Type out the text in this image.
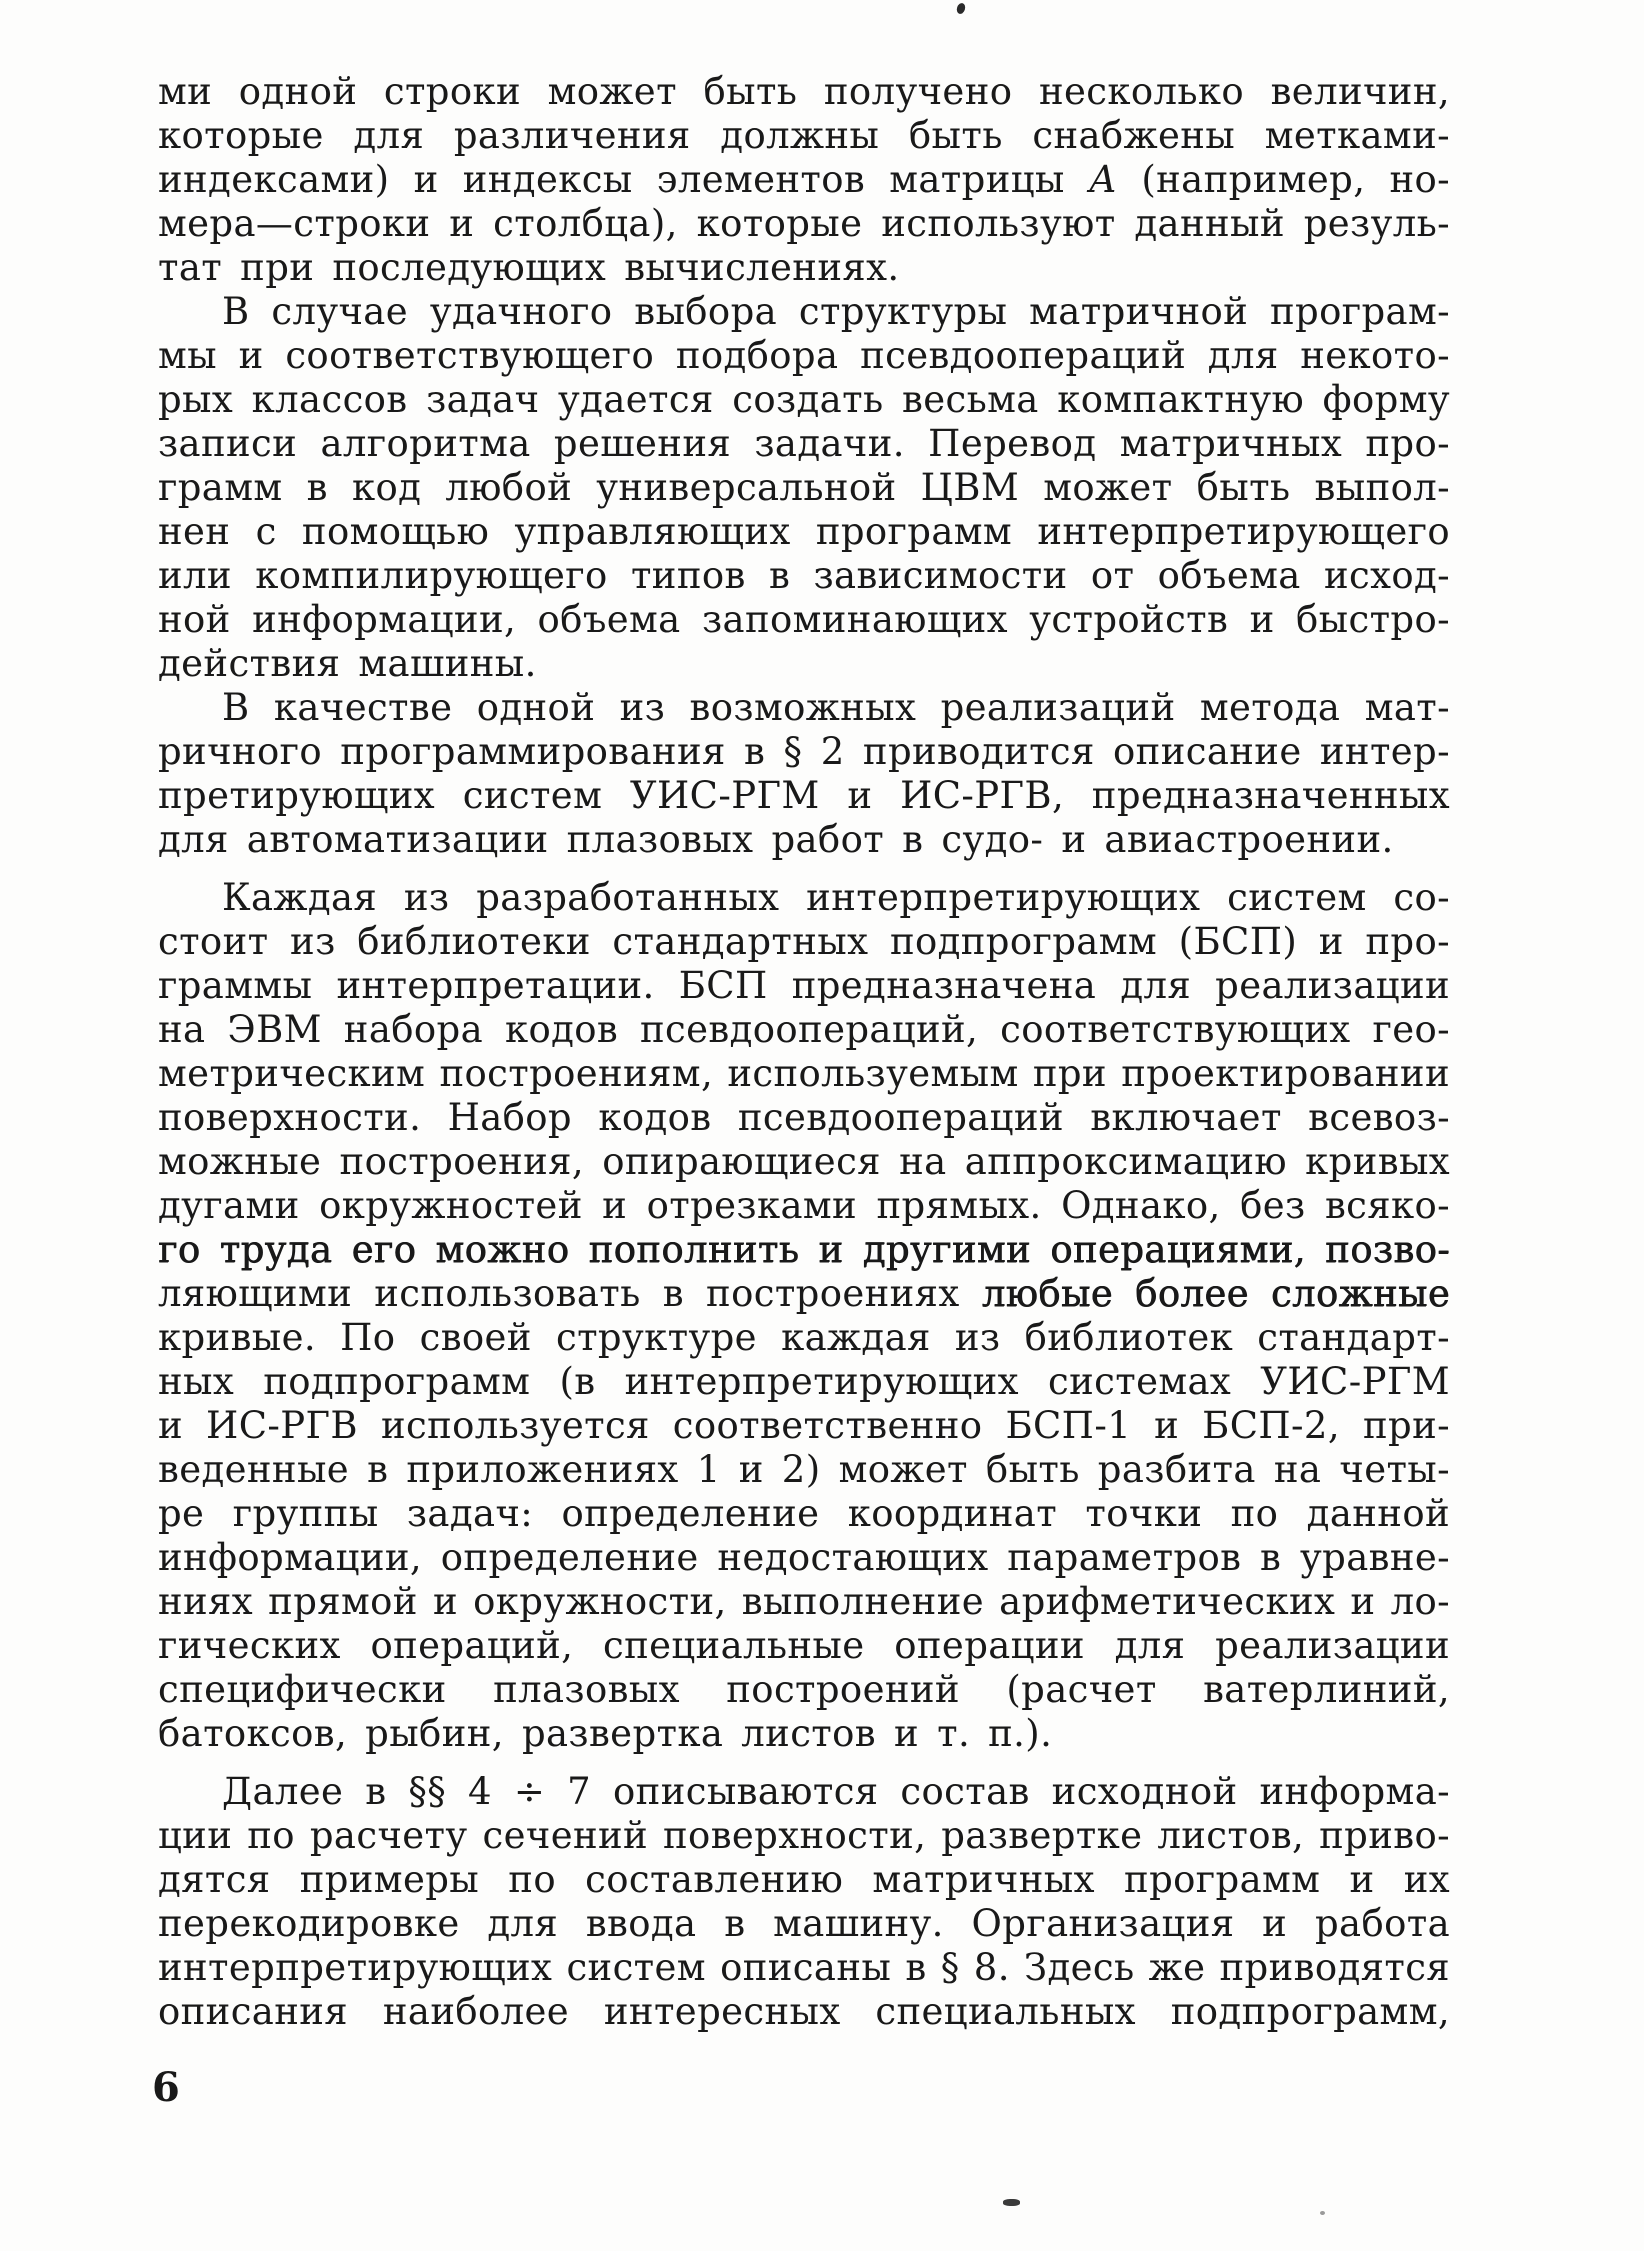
ми одной строки может быть получено несколько величин,
которые для различения должны быть снабжены метками-
индексами) и индексы элементов матрицы А (например, но-
мера—строки и столбца), которые используют данный резуль-
тат при последующих вычислениях.
В случае удачного выбора структуры матричной програм-
мы и соответствующего подбора псевдоопераций для некото-
рых классов задач удается создать весьма компактную форму
записи алгоритма решения задачи. Перевод матричных про-
грамм в код любой универсальной ЦВМ может быть выпол-
нен с помощью управляющих программ интерпретирующего
или компилирующего типов в зависимости от объема исход-
ной информации, объема запоминающих устройств и быстро-
действия машины.
В качестве одной из возможных реализаций метода мат-
ричного программирования в § 2 приводится описание интер-
претирующих систем УИС-РГМ и ИС-РГВ, предназначенных
для автоматизации плазовых работ в судо- и авиастроении.
Каждая из разработанных интерпретирующих систем со-
стоит из библиотеки стандартных подпрограмм (БСП) и про-
граммы интерпретации. БСП предназначена для реализации
на ЭВМ набора кодов псевдоопераций, соответствующих гео-
метрическим построениям, используемым при проектировании
поверхности. Набор кодов псевдоопераций включает всевоз-
можные построения, опирающиеся на аппроксимацию кривых
дугами окружностей и отрезками прямых. Однако, без всяко-
го труда его можно пополнить и другими операциями, позво-
ляющими использовать в построениях любые более сложные
кривые. По своей структуре каждая из библиотек стандарт-
ных подпрограмм (в интерпретирующих системах УИС-РГМ
и ИС-РГВ используется соответственно БСП-1 и БСП-2, при-
веденные в приложениях 1 и 2) может быть разбита на четы-
ре группы задач: определение координат точки по данной
информации, определение недостающих параметров в уравне-
ниях прямой и окружности, выполнение арифметических и ло-
гических операций, специальные операции для реализации
специфически плазовых построений (расчет ватерлиний,
батоксов, рыбин, развертка листов и т. п.).
Далее в §§ 4 ÷ 7 описываются состав исходной информа-
ции по расчету сечений поверхности, развертке листов, приво-
дятся примеры по составлению матричных программ и их
перекодировке для ввода в машину. Организация и работа
интерпретирующих систем описаны в § 8. Здесь же приводятся
описания наиболее интересных специальных подпрограмм,
6
